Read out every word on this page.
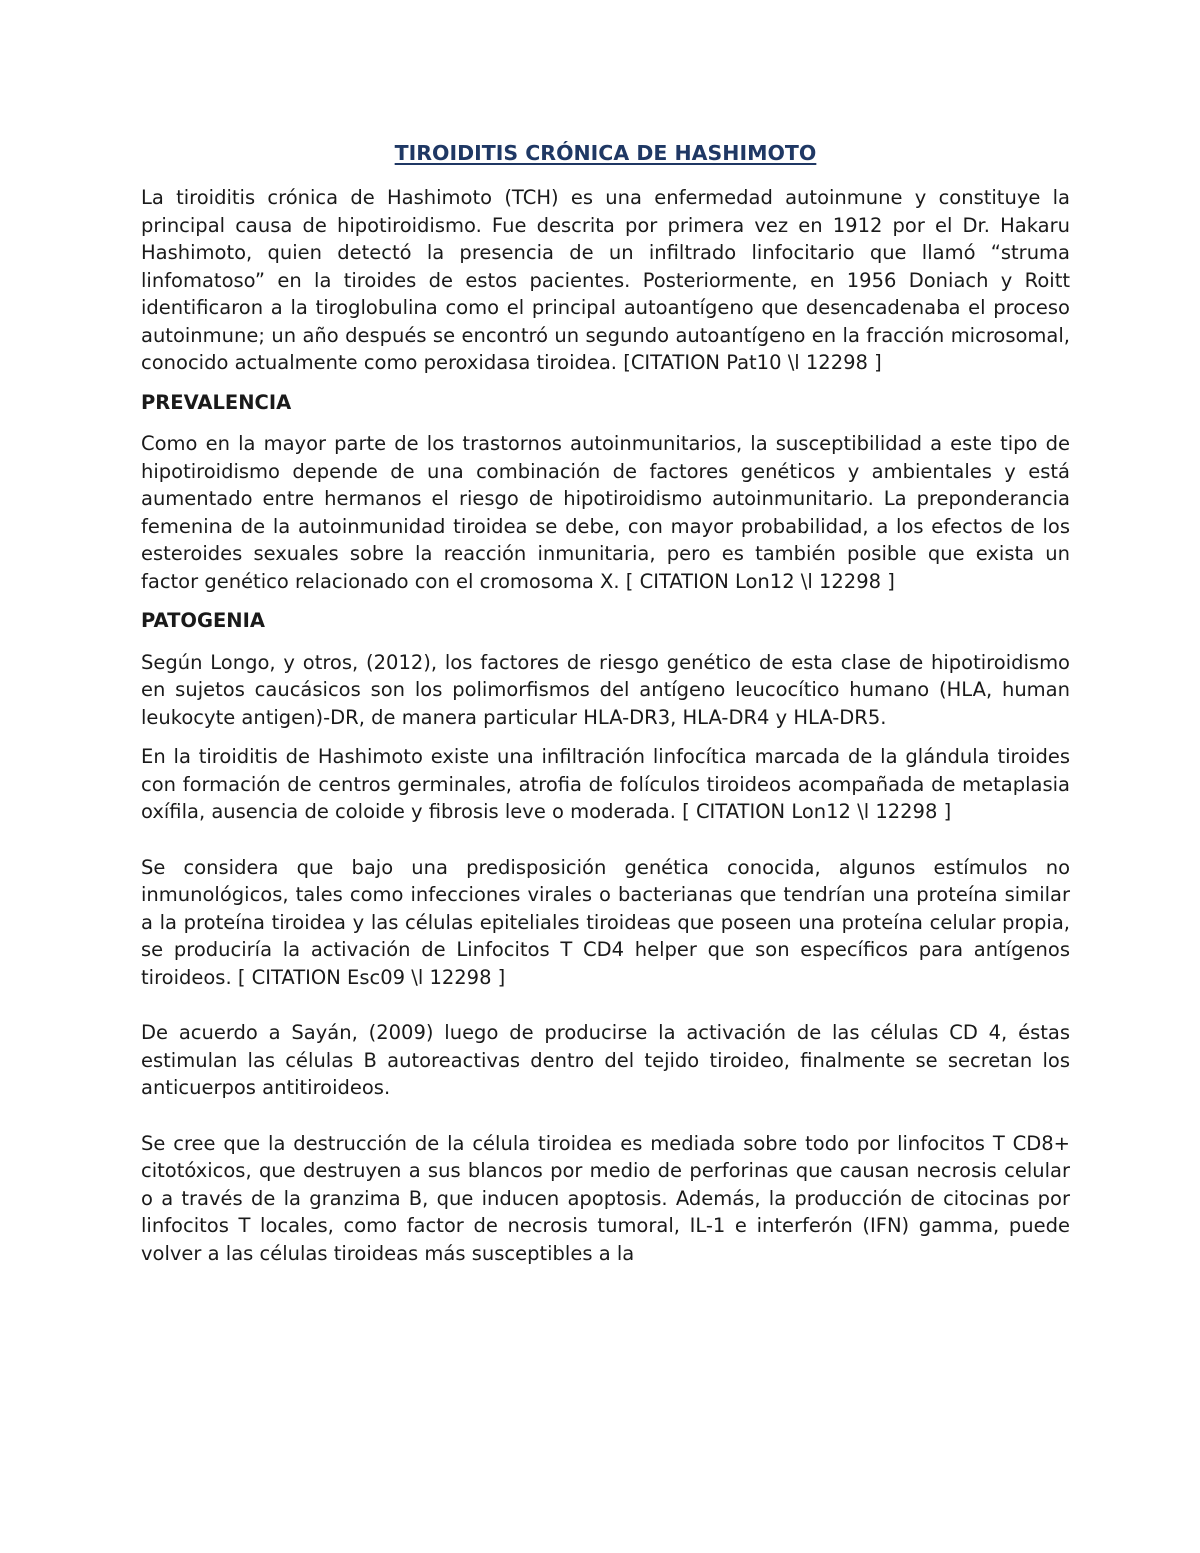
TIROIDITIS CRÓNICA DE HASHIMOTO

La tiroiditis crónica de Hashimoto (TCH) es una enfermedad autoinmune y constituye la principal causa de hipotiroidismo. Fue descrita por primera vez en 1912 por el Dr. Hakaru Hashimoto, quien detectó la presencia de un infiltrado linfocitario que llamó “struma linfomatoso” en la tiroides de estos pacientes. Posteriormente, en 1956 Doniach y Roitt identificaron a la tiroglobulina como el principal autoantígeno que desencadenaba el proceso autoinmune; un año después se encontró un segundo autoantígeno en la fracción microsomal, conocido actualmente como peroxidasa tiroidea. [CITATION Pat10 \l 12298 ]

PREVALENCIA

Como en la mayor parte de los trastornos autoinmunitarios, la susceptibilidad a este tipo de hipotiroidismo depende de una combinación de factores genéticos y ambientales y está aumentado entre hermanos el riesgo de hipotiroidismo autoinmunitario. La preponderancia femenina de la autoinmunidad tiroidea se debe, con mayor probabilidad, a los efectos de los esteroides sexuales sobre la reacción inmunitaria, pero es también posible que exista un factor genético relacionado con el cromosoma X. [ CITATION Lon12 \l 12298 ]

PATOGENIA

Según Longo, y otros, (2012), los factores de riesgo genético de esta clase de hipotiroidismo en sujetos caucásicos son los polimorfismos del antígeno leucocítico humano (HLA, human leukocyte antigen)-DR, de manera particular HLA-DR3, HLA-DR4 y HLA-DR5.

En la tiroiditis de Hashimoto existe una infiltración linfocítica marcada de la glándula tiroides con formación de centros germinales, atrofia de folículos tiroideos acompañada de metaplasia oxífila, ausencia de coloide y fibrosis leve o moderada. [ CITATION Lon12 \l 12298 ]

Se considera que bajo una predisposición genética conocida, algunos estímulos no inmunológicos, tales como infecciones virales o bacterianas que tendrían una proteína similar a la proteína tiroidea y las células epiteliales tiroideas que poseen una proteína celular propia, se produciría la activación de Linfocitos T CD4 helper que son específicos para antígenos tiroideos. [ CITATION Esc09 \l 12298 ]

De acuerdo a Sayán, (2009) luego de producirse la activación de las células CD 4, éstas estimulan las células B autoreactivas dentro del tejido tiroideo, finalmente se secretan los anticuerpos antitiroideos.

Se cree que la destrucción de la célula tiroidea es mediada sobre todo por linfocitos T CD8+ citotóxicos, que destruyen a sus blancos por medio de perforinas que causan necrosis celular o a través de la granzima B, que inducen apoptosis. Además, la producción de citocinas por linfocitos T locales, como factor de necrosis tumoral, IL-1 e interferón (IFN) gamma, puede volver a las células tiroideas más susceptibles a la
